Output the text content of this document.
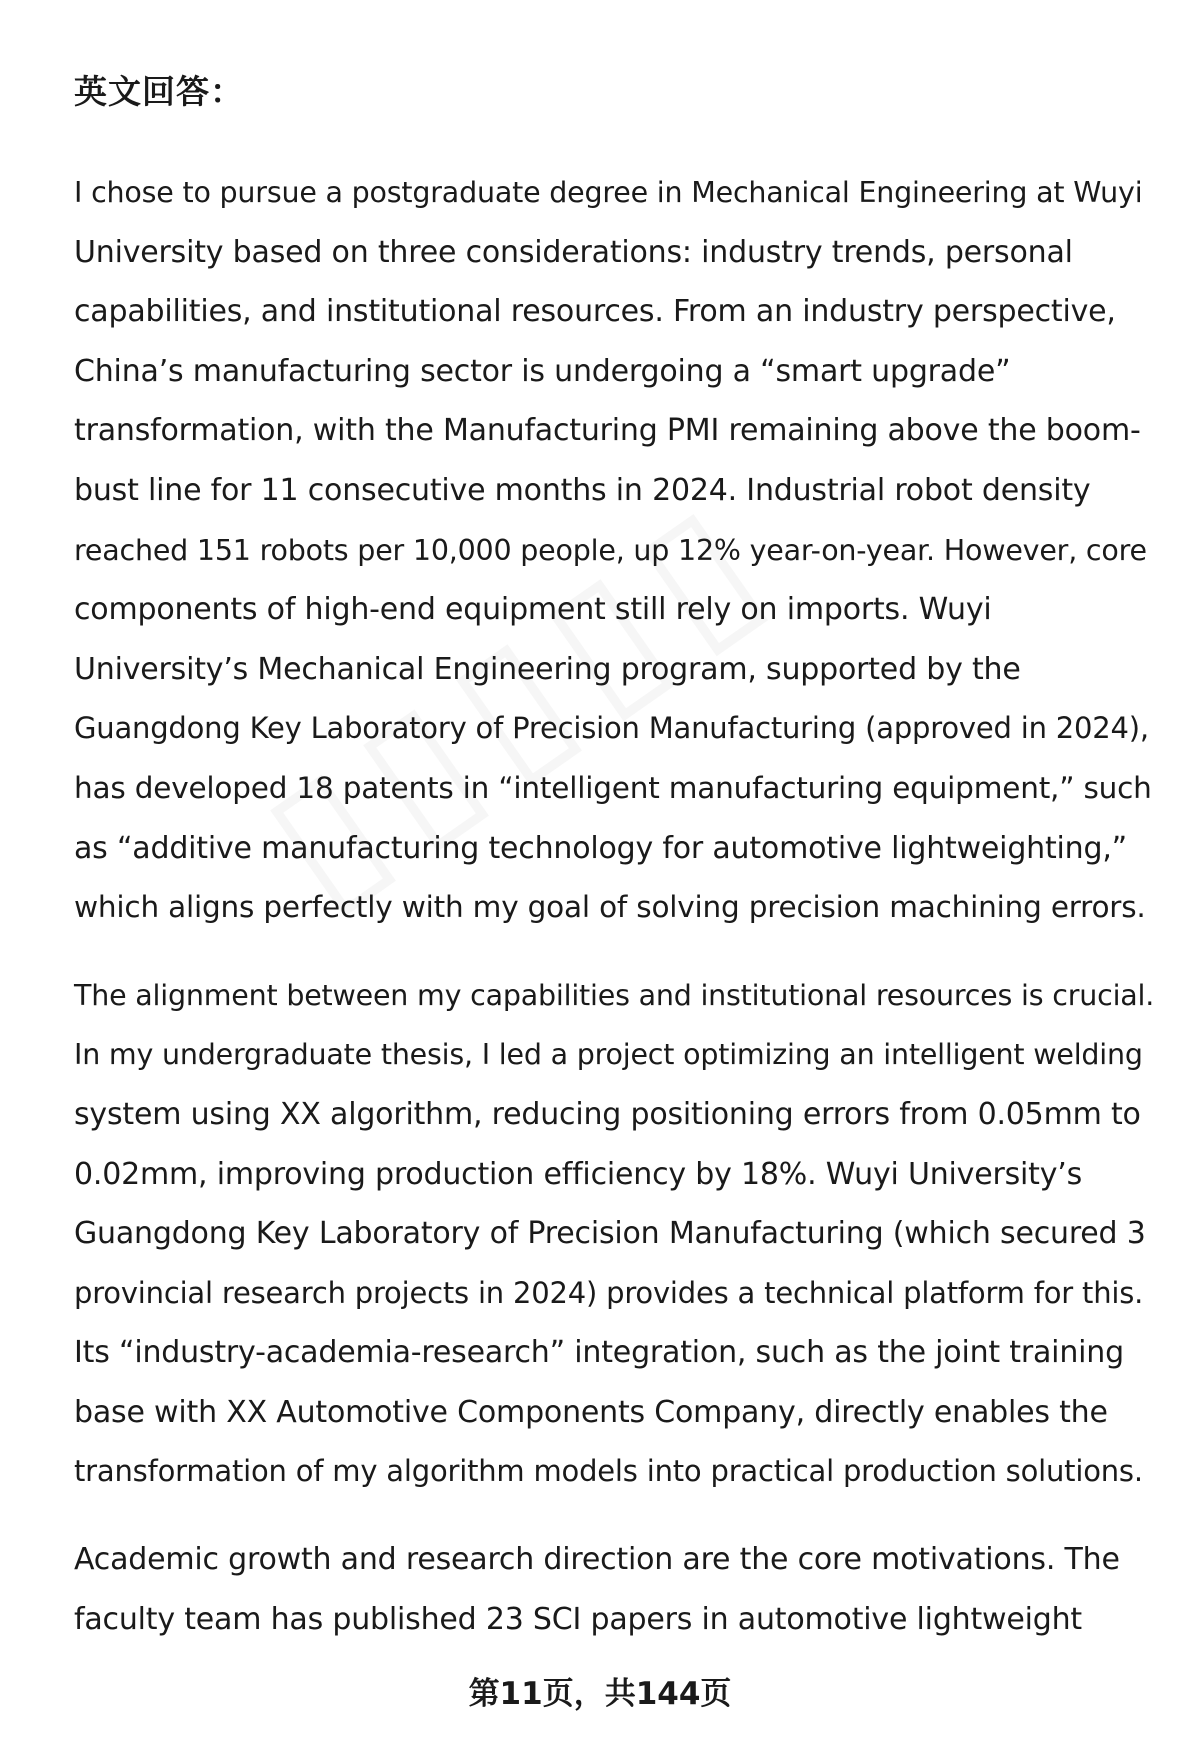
英文回答：

I chose to pursue a postgraduate degree in Mechanical Engineering at Wuyi
University based on three considerations: industry trends, personal
capabilities, and institutional resources. From an industry perspective,
China’s manufacturing sector is undergoing a “smart upgrade”
transformation, with the Manufacturing PMI remaining above the boom-
bust line for 11 consecutive months in 2024. Industrial robot density
reached 151 robots per 10,000 people, up 12% year-on-year. However, core
components of high-end equipment still rely on imports. Wuyi
University’s Mechanical Engineering program, supported by the
Guangdong Key Laboratory of Precision Manufacturing (approved in 2024),
has developed 18 patents in “intelligent manufacturing equipment,” such
as “additive manufacturing technology for automotive lightweighting,”
which aligns perfectly with my goal of solving precision machining errors.

The alignment between my capabilities and institutional resources is crucial.
In my undergraduate thesis, I led a project optimizing an intelligent welding
system using XX algorithm, reducing positioning errors from 0.05mm to
0.02mm, improving production efficiency by 18%. Wuyi University’s
Guangdong Key Laboratory of Precision Manufacturing (which secured 3
provincial research projects in 2024) provides a technical platform for this.
Its “industry-academia-research” integration, such as the joint training
base with XX Automotive Components Company, directly enables the
transformation of my algorithm models into practical production solutions.

Academic growth and research direction are the core motivations. The
faculty team has published 23 SCI papers in automotive lightweight

第11页，共144页
